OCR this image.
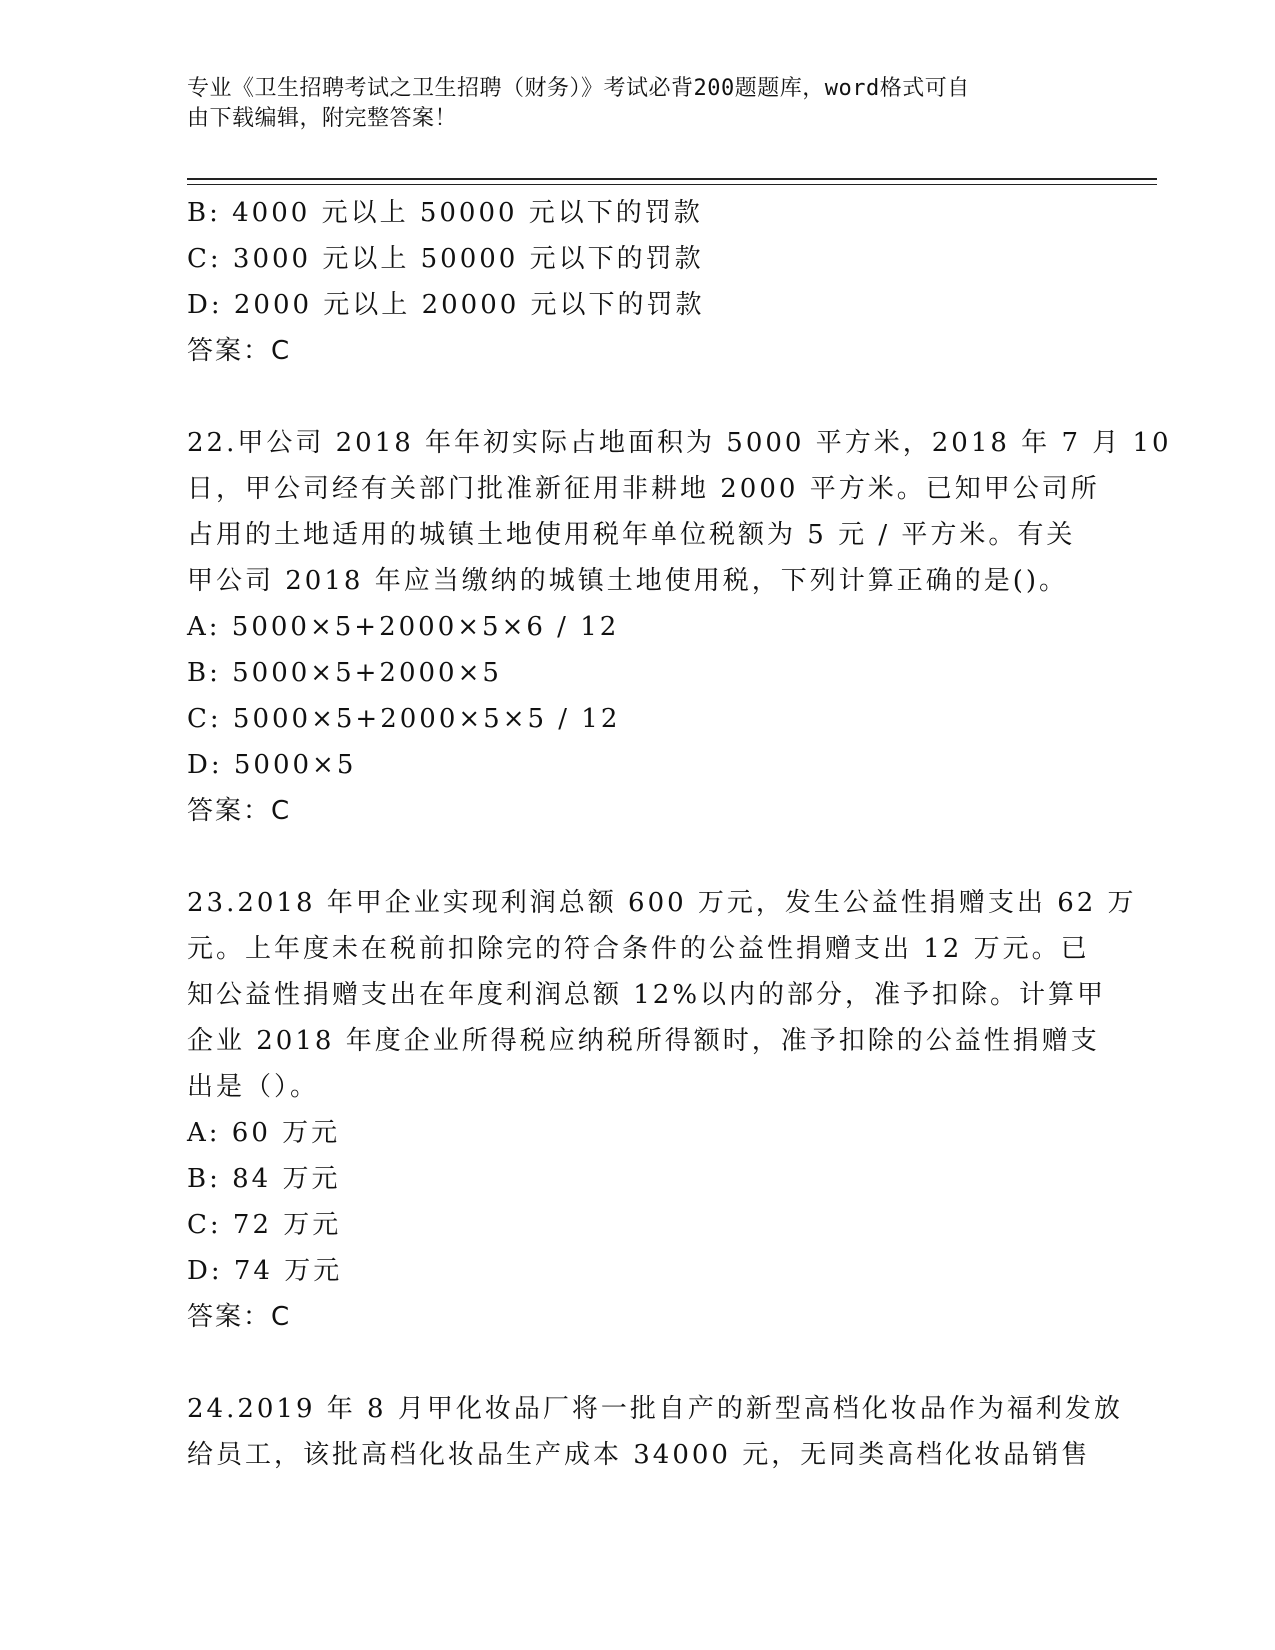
专业《卫生招聘考试之卫生招聘（财务）》考试必背200题题库，word格式可自
由下载编辑，附完整答案！
B: 4000 元以上 50000 元以下的罚款
C: 3000 元以上 50000 元以下的罚款
D: 2000 元以上 20000 元以下的罚款
答案：C
22.甲公司 2018 年年初实际占地面积为 5000 平方米，2018 年 7 月 10
日，甲公司经有关部门批准新征用非耕地 2000 平方米。已知甲公司所
占用的土地适用的城镇土地使用税年单位税额为 5 元 / 平方米。有关
甲公司 2018 年应当缴纳的城镇土地使用税，下列计算正确的是()。
A: 5000×5+2000×5×6 / 12
B: 5000×5+2000×5
C: 5000×5+2000×5×5 / 12
D: 5000×5
答案：C
23.2018 年甲企业实现利润总额 600 万元，发生公益性捐赠支出 62 万
元。上年度未在税前扣除完的符合条件的公益性捐赠支出 12 万元。已
知公益性捐赠支出在年度利润总额 12%以内的部分，准予扣除。计算甲
企业 2018 年度企业所得税应纳税所得额时，准予扣除的公益性捐赠支
出是（）。
A: 60 万元
B: 84 万元
C: 72 万元
D: 74 万元
答案：C
24.2019 年 8 月甲化妆品厂将一批自产的新型高档化妆品作为福利发放
给员工，该批高档化妆品生产成本 34000 元，无同类高档化妆品销售
